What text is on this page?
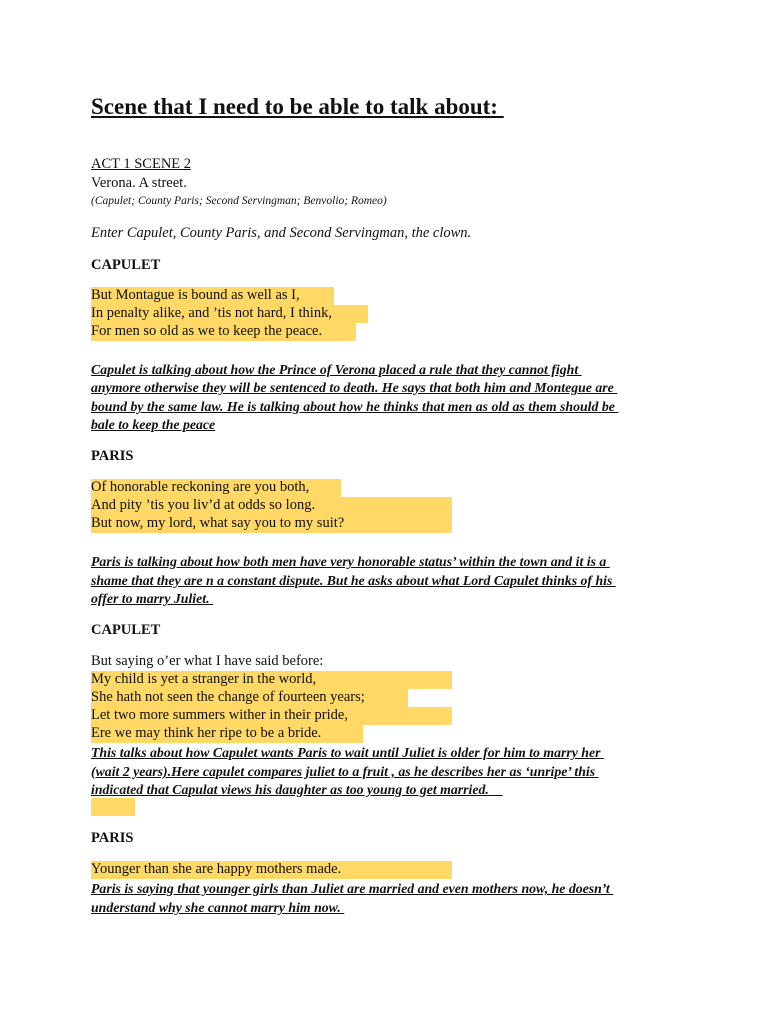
Scene that I need to be able to talk about:
ACT 1 SCENE 2
Verona. A street.
(Capulet; County Paris; Second Servingman; Benvolio; Romeo)
Enter Capulet, County Paris, and Second Servingman, the clown.
CAPULET
But Montague is bound as well as I,
In penalty alike, and ’tis not hard, I think,
For men so old as we to keep the peace.
Capulet is talking about how the Prince of Verona placed a rule that they cannot fight
anymore otherwise they will be sentenced to death. He says that both him and Montegue are
bound by the same law. He is talking about how he thinks that men as old as them should be
bale to keep the peace
PARIS
Of honorable reckoning are you both,
And pity ’tis you liv’d at odds so long.
But now, my lord, what say you to my suit?
Paris is talking about how both men have very honorable status’ within the town and it is a
shame that they are n a constant dispute. But he asks about what Lord Capulet thinks of his
offer to marry Juliet.
CAPULET
But saying o’er what I have said before:
My child is yet a stranger in the world,
She hath not seen the change of fourteen years;
Let two more summers wither in their pride,
Ere we may think her ripe to be a bride.
This talks about how Capulet wants Paris to wait until Juliet is older for him to marry her
(wait 2 years).Here capulet compares juliet to a fruit , as he describes her as ‘unripe’ this
indicated that Capulat views his daughter as too young to get married.
PARIS
Younger than she are happy mothers made.
Paris is saying that younger girls than Juliet are married and even mothers now, he doesn’t
understand why she cannot marry him now.
